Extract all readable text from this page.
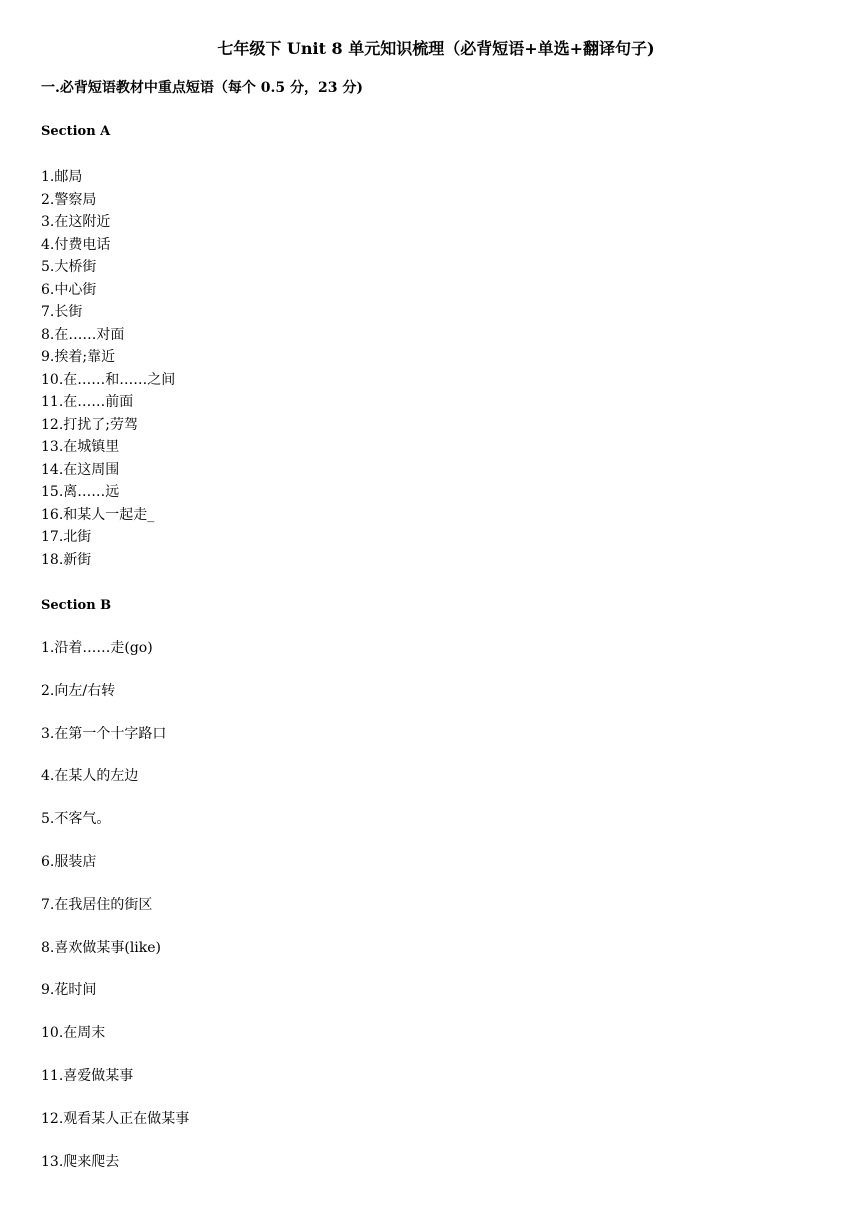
七年级下 Unit 8 单元知识梳理（必背短语+单选+翻译句子)
一.必背短语教材中重点短语（每个 0.5 分，23 分)
Section A
1.邮局
2.警察局
3.在这附近
4.付费电话
5.大桥街
6.中心街
7.长街
8.在……对面
9.挨着;靠近
10.在……和……之间
11.在……前面
12.打扰了;劳驾
13.在城镇里
14.在这周围
15.离……远
16.和某人一起走_
17.北街
18.新街
Section B
1.沿着……走(go)
2.向左/右转
3.在第一个十字路口
4.在某人的左边
5.不客气。
6.服装店
7.在我居住的街区
8.喜欢做某事(like)
9.花时间
10.在周末
11.喜爱做某事
12.观看某人正在做某事
13.爬来爬去
